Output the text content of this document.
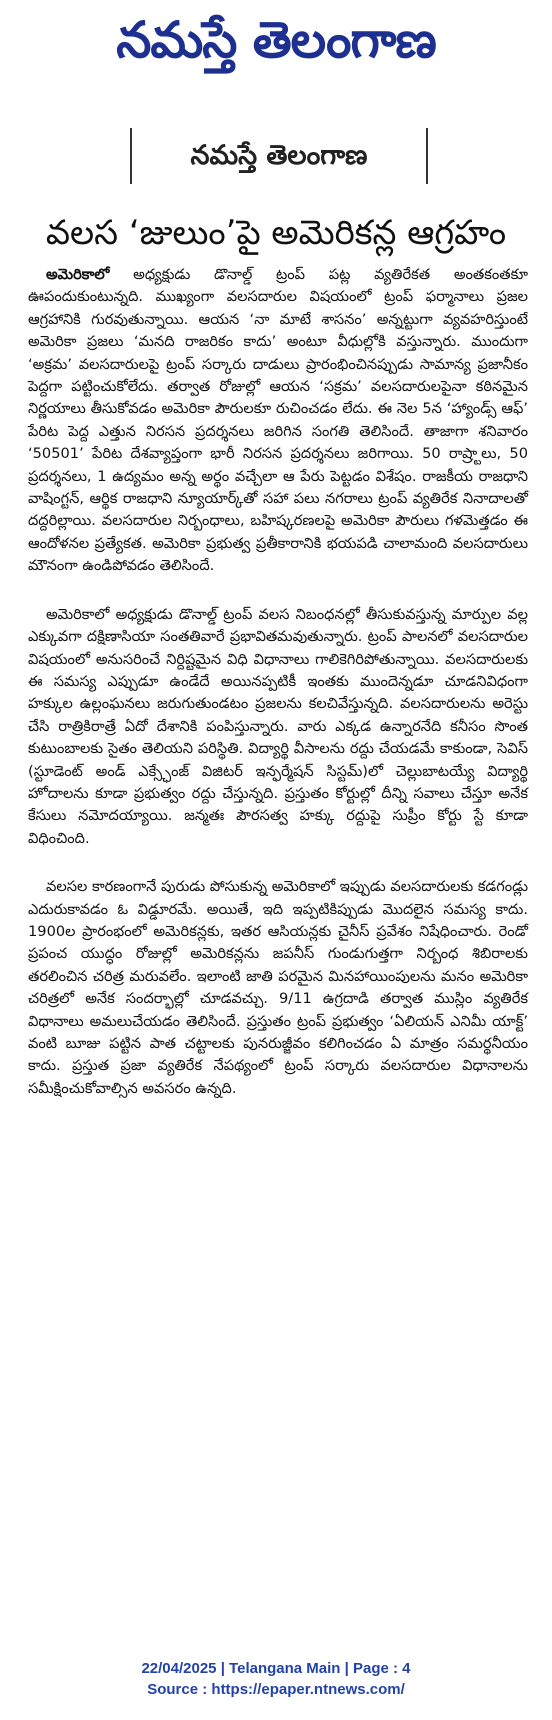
నమస్తే తెలంగాణ
నమస్తే తెలంగాణ
వలస ‘జులుం’పై అమెరికన్ల ఆగ్రహం

అమెరికాలో అధ్యక్షుడు డొనాల్డ్‌ ట్రంప్‌ పట్ల వ్యతిరేకత అంతకంతకూ ఊపందుకుంటున్నది. ముఖ్యంగా వలసదారుల విషయంలో ట్రంప్‌ ఫర్మానాలు ప్రజల ఆగ్రహానికి గురవుతున్నాయి. ఆయన ‘నా మాటే శాసనం’ అన్నట్టుగా వ్యవహరిస్తుంటే అమెరికా ప్రజలు ‘మనది రాజరికం కాదు’ అంటూ వీధుల్లోకి వస్తున్నారు. ముందుగా ‘అక్రమ’ వలసదారులపై ట్రంప్‌ సర్కారు దాడులు ప్రారంభించినప్పుడు సామాన్య ప్రజానీకం పెద్దగా పట్టించుకోలేదు. తర్వాత రోజుల్లో ఆయన ‘సక్రమ’ వలసదారులపైనా కఠినమైన నిర్ణయాలు తీసుకోవడం అమెరికా పౌరులకూ రుచించడం లేదు. ఈ నెల 5న ‘హ్యాండ్స్‌ ఆఫ్‌’ పేరిట పెద్ద ఎత్తున నిరసన ప్రదర్శనలు జరిగిన సంగతి తెలిసిందే. తాజాగా శనివారం ‘50501’ పేరిట దేశవ్యాప్తంగా భారీ నిరసన ప్రదర్శనలు జరిగాయి. 50 రాష్ర్టాలు, 50 ప్రదర్శనలు, 1 ఉద్యమం అన్న అర్థం వచ్చేలా ఆ పేరు పెట్టడం విశేషం. రాజకీయ రాజధాని వాషింగ్టన్‌, ఆర్థిక రాజధాని న్యూయార్క్‌తో సహా పలు నగరాలు ట్రంప్‌ వ్యతిరేక నినాదాలతో దద్దరిల్లాయి. వలసదారుల నిర్బంధాలు, బహిష్కరణలపై అమెరికా పౌరులు గళమెత్తడం ఈ ఆందోళనల ప్రత్యేకత. అమెరికా ప్రభుత్వ ప్రతీకారానికి భయపడి చాలామంది వలసదారులు మౌనంగా ఉండిపోవడం తెలిసిందే.

అమెరికాలో అధ్యక్షుడు డొనాల్డ్‌ ట్రంప్‌ వలస నిబంధనల్లో తీసుకువస్తున్న మార్పుల వల్ల ఎక్కువగా దక్షిణాసియా సంతతివారే ప్రభావితమవుతున్నారు. ట్రంప్‌ పాలనలో వలసదారుల విషయంలో అనుసరించే నిర్దిష్టమైన విధి విధానాలు గాలికెగిరిపోతున్నాయి. వలసదారులకు ఈ సమస్య ఎప్పుడూ ఉండేదే అయినప్పటికీ ఇంతకు ముందెన్నడూ చూడనివిధంగా హక్కుల ఉల్లంఘనలు జరుగుతుండటం ప్రజలను కలచివేస్తున్నది. వలసదారులను అరెస్టు చేసి రాత్రికిరాత్రే ఏదో దేశానికి పంపిస్తున్నారు. వారు ఎక్కడ ఉన్నారనేది కనీసం సొంత కుటుంబాలకు సైతం తెలియని పరిస్థితి. విద్యార్థి వీసాలను రద్దు చేయడమే కాకుండా, సెవిస్‌ (స్టూడెంట్‌ అండ్‌ ఎక్స్ఛేంజ్‌ విజిటర్‌ ఇన్ఫర్మేషన్‌ సిస్టమ్‌)లో చెల్లుబాటయ్యే విద్యార్థి హోదాలను కూడా ప్రభుత్వం రద్దు చేస్తున్నది. ప్రస్తుతం కోర్టుల్లో దీన్ని సవాలు చేస్తూ అనేక కేసులు నమోదయ్యాయి. జన్మతః పౌరసత్వ హక్కు రద్దుపై సుప్రీం కోర్టు స్టే కూడా విధించింది.

వలసల కారణంగానే పురుడు పోసుకున్న అమెరికాలో ఇప్పుడు వలసదారులకు కడగండ్లు ఎదురుకావడం ఓ విడ్డూరమే. అయితే, ఇది ఇప్పటికిప్పుడు మొదలైన సమస్య కాదు. 1900ల ప్రారంభంలో అమెరికన్లకు, ఇతర ఆసియన్లకు చైనీస్‌ ప్రవేశం నిషేధించారు. రెండో ప్రపంచ యుద్ధం రోజుల్లో అమెరికన్లను జపనీస్‌ గుండుగుత్తగా నిర్బంధ శిబిరాలకు తరలించిన చరిత్ర మరువలేం. ఇలాంటి జాతి పరమైన మినహాయింపులను మనం అమెరికా చరిత్రలో అనేక సందర్భాల్లో చూడవచ్చు. 9/11 ఉగ్రదాడి తర్వాత ముస్లిం వ్యతిరేక విధానాలు అమలుచేయడం తెలిసిందే. ప్రస్తుతం ట్రంప్‌ ప్రభుత్వం ‘ఏలియన్‌ ఎనిమీ యాక్ట్‌’ వంటి బూజు పట్టిన పాత చట్టాలకు పునరుజ్జీవం కలిగించడం ఏ మాత్రం సమర్థనీయం కాదు. ప్రస్తుత ప్రజా వ్యతిరేక నేపథ్యంలో ట్రంప్‌ సర్కారు వలసదారుల విధానాలను సమీక్షించుకోవాల్సిన అవసరం ఉన్నది.

22/04/2025 | Telangana Main | Page : 4
Source : https://epaper.ntnews.com/
